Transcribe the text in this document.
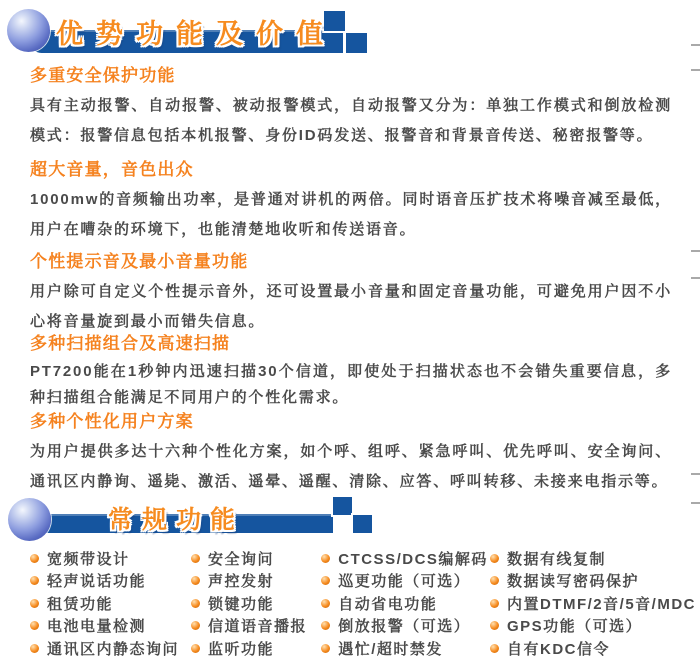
优势功能及价值
多重安全保护功能

具有主动报警、自动报警、被动报警模式，自动报警又分为：单独工作模式和倒放检测模式：报警信息包括本机报警、身份ID码发送、报警音和背景音传送、秘密报警等。

超大音量，音色出众

1000mw的音频输出功率，是普通对讲机的两倍。同时语音压扩技术将噪音减至最低，用户在嘈杂的环境下，也能清楚地收听和传送语音。

个性提示音及最小音量功能

用户除可自定义个性提示音外，还可设置最小音量和固定音量功能，可避免用户因不小心将音量旋到最小而错失信息。

多种扫描组合及高速扫描

PT7200能在1秒钟内迅速扫描30个信道，即使处于扫描状态也不会错失重要信息，多种扫描组合能满足不同用户的个性化需求。

多种个性化用户方案

为用户提供多达十六种个性化方案，如个呼、组呼、紧急呼叫、优先呼叫、安全询问、通讯区内静询、遥毙、激活、遥晕、遥醒、清除、应答、呼叫转移、未接来电指示等。

常规功能
宽频带设计
轻声说话功能
租赁功能
电池电量检测
通讯区内静态询问
安全询问
声控发射
锁键功能
信道语音播报
监听功能
CTCSS/DCS编解码
巡更功能（可选）
自动省电功能
倒放报警（可选）
遇忙/超时禁发
数据有线复制
数据读写密码保护
内置DTMF/2音/5音/MDC
GPS功能（可选）
自有KDC信令
